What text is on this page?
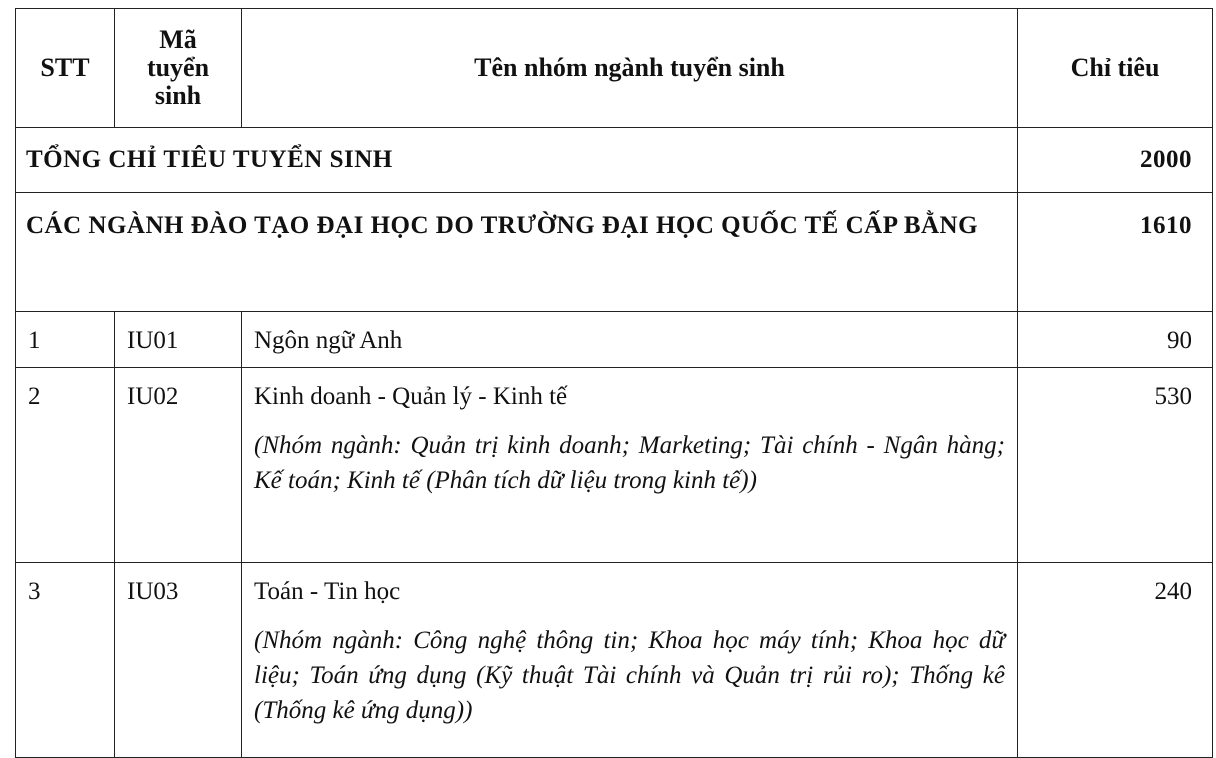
STT	Mã tuyển sinh	Tên nhóm ngành tuyển sinh	Chỉ tiêu
TỔNG CHỈ TIÊU TUYỂN SINH			2000
CÁC NGÀNH ĐÀO TẠO ĐẠI HỌC DO TRƯỜNG ĐẠI HỌC QUỐC TẾ CẤP BẰNG			1610
1	IU01	Ngôn ngữ Anh	90
2	IU02	Kinh doanh - Quản lý - Kinh tế
(Nhóm ngành: Quản trị kinh doanh; Marketing; Tài chính - Ngân hàng; Kế toán; Kinh tế (Phân tích dữ liệu trong kinh tế))	530
3	IU03	Toán - Tin học
(Nhóm ngành: Công nghệ thông tin; Khoa học máy tính; Khoa học dữ liệu; Toán ứng dụng (Kỹ thuật Tài chính và Quản trị rủi ro); Thống kê (Thống kê ứng dụng))	240
